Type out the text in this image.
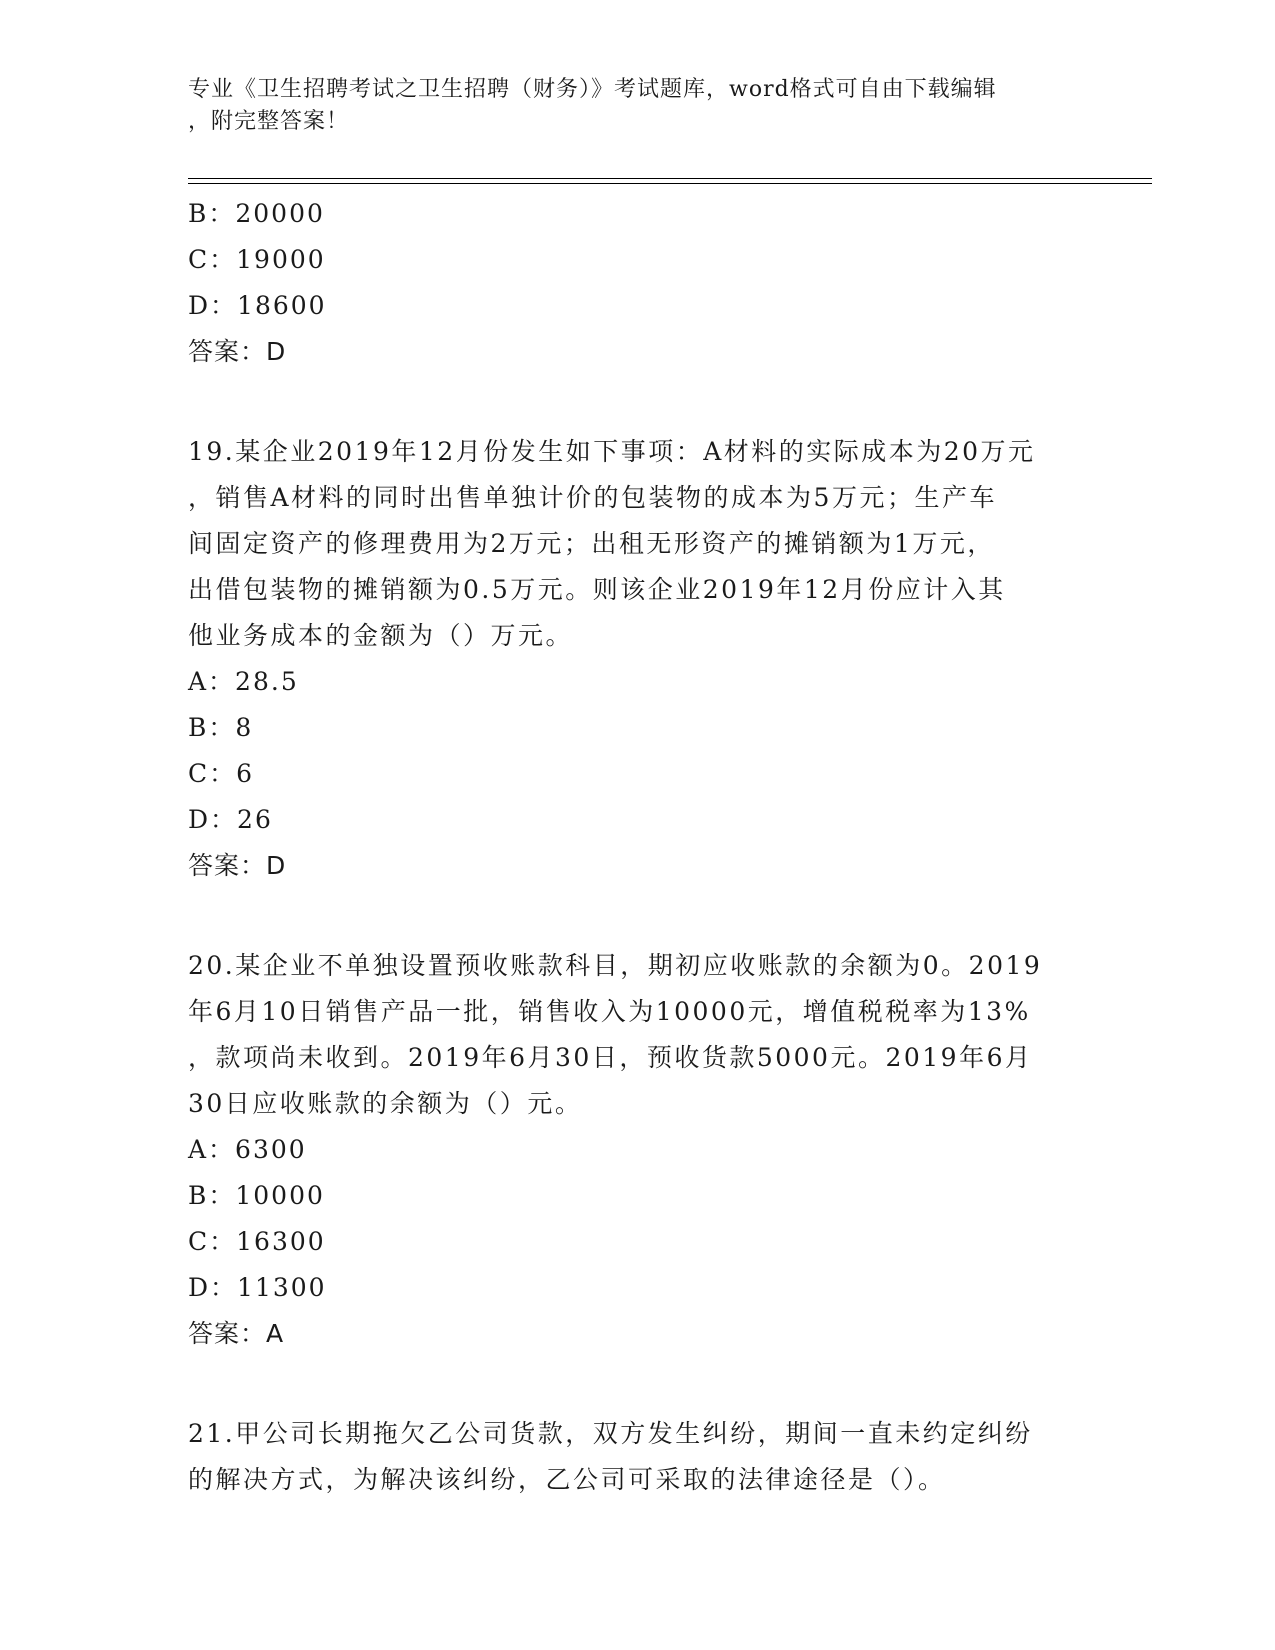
专业《卫生招聘考试之卫生招聘（财务）》考试题库，word格式可自由下载编辑
，附完整答案！
B：20000
C：19000
D：18600
答案：D
19.某企业2019年12月份发生如下事项：A材料的实际成本为20万元
，销售A材料的同时出售单独计价的包装物的成本为5万元；生产车
间固定资产的修理费用为2万元；出租无形资产的摊销额为1万元，
出借包装物的摊销额为0.5万元。则该企业2019年12月份应计入其
他业务成本的金额为（）万元。
A：28.5
B：8
C：6
D：26
答案：D
20.某企业不单独设置预收账款科目，期初应收账款的余额为0。2019
年6月10日销售产品一批，销售收入为10000元，增值税税率为13%
，款项尚未收到。2019年6月30日，预收货款5000元。2019年6月
30日应收账款的余额为（）元。
A：6300
B：10000
C：16300
D：11300
答案：A
21.甲公司长期拖欠乙公司货款，双方发生纠纷，期间一直未约定纠纷
的解决方式，为解决该纠纷，乙公司可采取的法律途径是（）。
